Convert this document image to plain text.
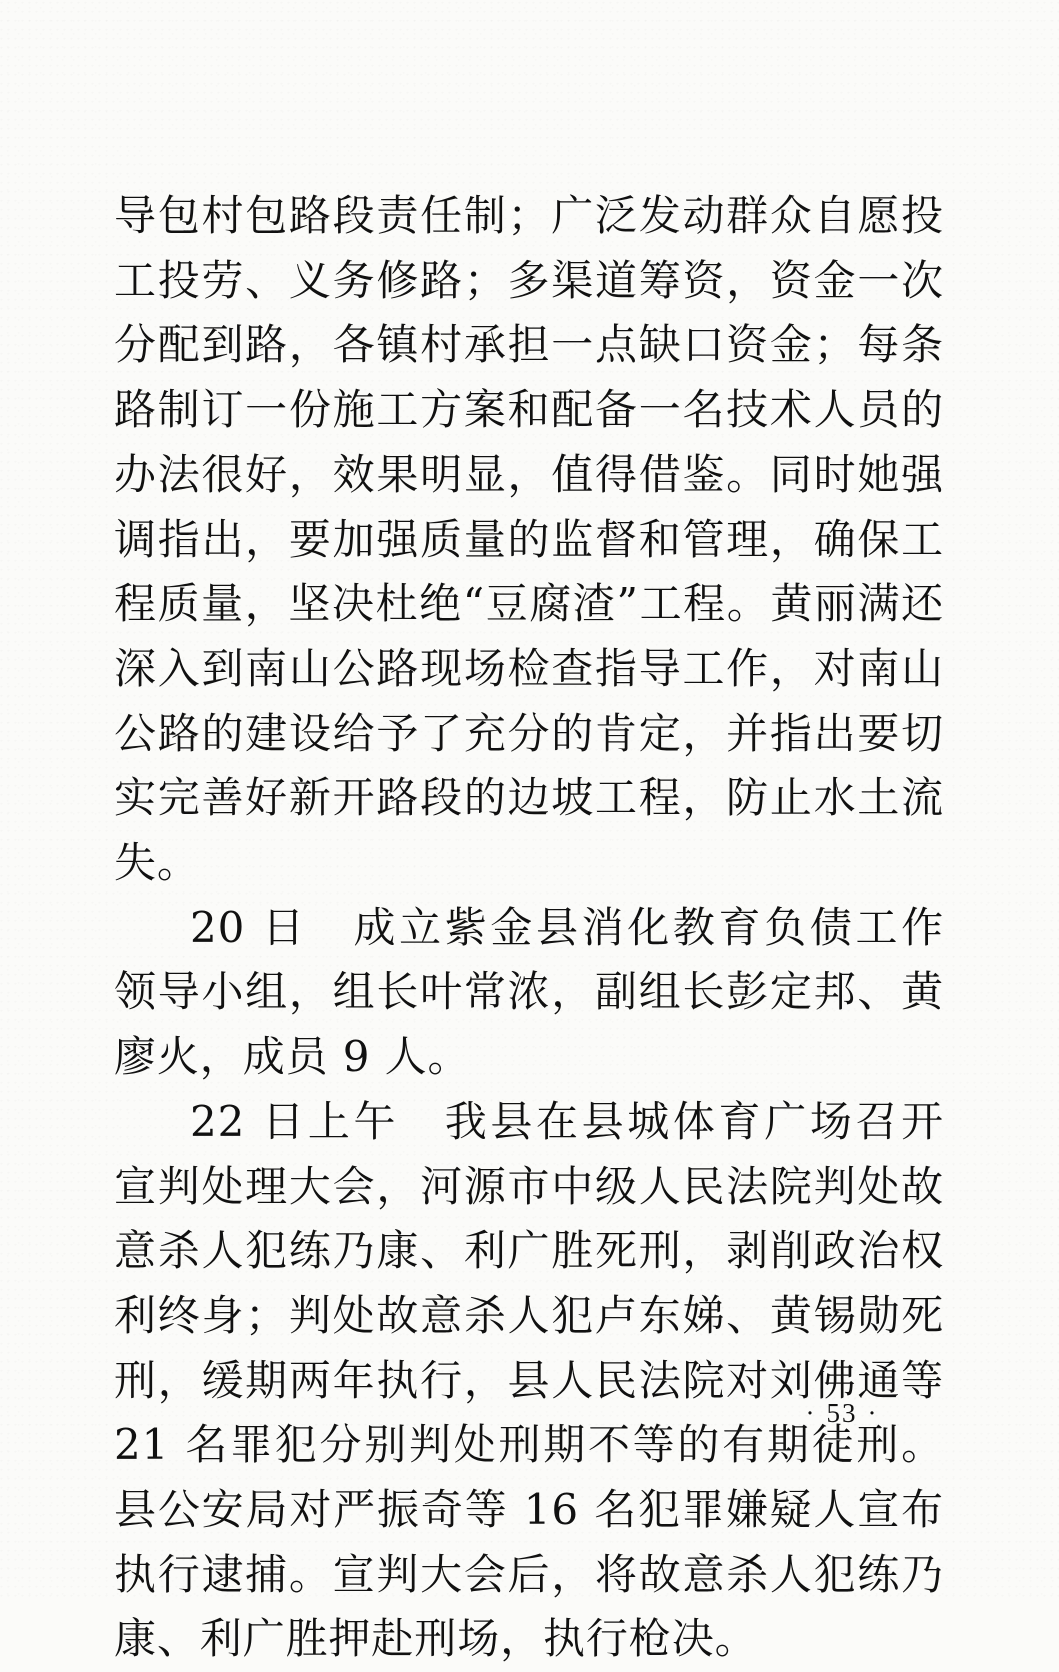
导包村包路段责任制；广泛发动群众自愿投工投劳、义务修路；多渠道筹资，资金一次分配到路，各镇村承担一点缺口资金；每条路制订一份施工方案和配备一名技术人员的办法很好，效果明显，值得借鉴。同时她强调指出，要加强质量的监督和管理，确保工程质量，坚决杜绝“豆腐渣”工程。黄丽满还深入到南山公路现场检查指导工作，对南山公路的建设给予了充分的肯定，并指出要切实完善好新开路段的边坡工程，防止水土流失。

20 日　成立紫金县消化教育负债工作领导小组，组长叶常浓，副组长彭定邦、黄廖火，成员 9 人。

22 日上午　我县在县城体育广场召开宣判处理大会，河源市中级人民法院判处故意杀人犯练乃康、利广胜死刑，剥削政治权利终身；判处故意杀人犯卢东娣、黄锡勋死刑，缓期两年执行，县人民法院对刘佛通等 21 名罪犯分别判处刑期不等的有期徒刑。县公安局对严振奇等 16 名犯罪嫌疑人宣布执行逮捕。宣判大会后，将故意杀人犯练乃康、利广胜押赴刑场，执行枪决。

· 53 ·
